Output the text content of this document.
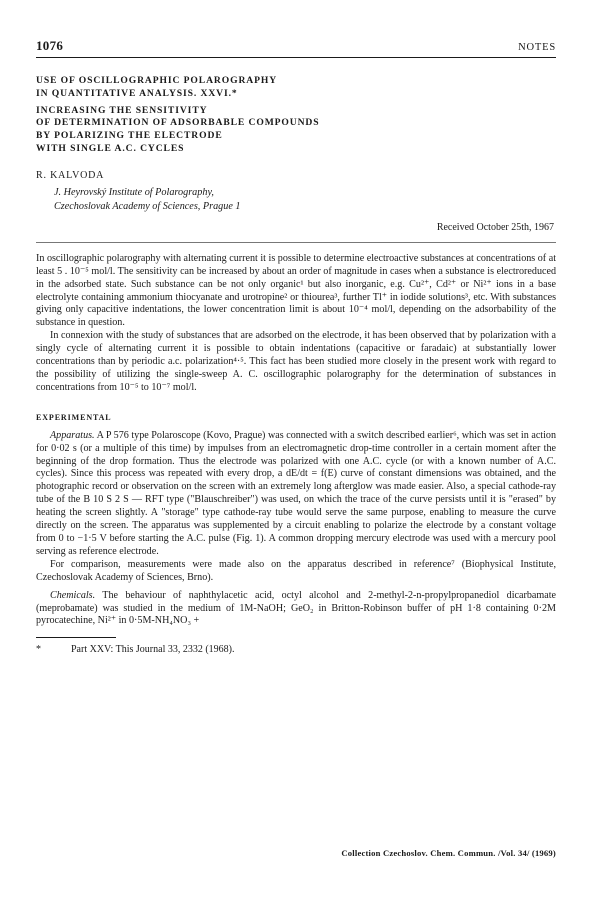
1076	NOTES
USE OF OSCILLOGRAPHIC POLAROGRAPHY
IN QUANTITATIVE ANALYSIS. XXVI.*
INCREASING THE SENSITIVITY
OF DETERMINATION OF ADSORBABLE COMPOUNDS
BY POLARIZING THE ELECTRODE
WITH SINGLE A.C. CYCLES
R. KALVODA
J. Heyrovský Institute of Polarography,
Czechoslovak Academy of Sciences, Prague 1
Received October 25th, 1967

In oscillographic polarography with alternating current it is possible to determine electroactive substances at concentrations of at least 5 . 10⁻⁵ mol/l. The sensitivity can be increased by about an order of magnitude in cases when a substance is electroreduced in the adsorbed state. Such substance can be not only organic¹ but also inorganic, e.g. Cu²⁺, Cd²⁺ or Ni²⁺ ions in a base electrolyte containing ammonium thiocyanate and urotropine² or thiourea³, further Tl⁺ in iodide solutions³, etc. With substances giving only capacitive indentations, the lower concentration limit is about 10⁻⁴ mol/l, depending on the adsorbability of the substance in question.

In connexion with the study of substances that are adsorbed on the electrode, it has been observed that by polarization with a singly cycle of alternating current it is possible to obtain indentations (capacitive or faradaic) at substantially lower concentrations than by periodic a.c. polarization⁴·⁵. This fact has been studied more closely in the present work with regard to the possibility of utilizing the single-sweep A. C. oscillographic polarography for the determination of substances in concentrations from 10⁻⁵ to 10⁻⁷ mol/l.

EXPERIMENTAL

Apparatus. A P 576 type Polaroscope (Kovo, Prague) was connected with a switch described earlier⁶, which was set in action for 0·02 s (or a multiple of this time) by impulses from an electromagnetic drop-time controller in a certain moment after the beginning of the drop formation. Thus the electrode was polarized with one A.C. cycle (or with a known number of A.C. cycles). Since this process was repeated with every drop, a dE/dt = f(E) curve of constant dimensions was obtained, and the photographic record or observation on the screen with an extremely long afterglow was made easier. Also, a special cathode-ray tube of the B 10 S 2 S — RFT type ("Blauschreiber") was used, on which the trace of the curve persists until it is "erased" by heating the screen slightly. A "storage" type cathode-ray tube would serve the same purpose, enabling to measure the curve directly on the screen. The apparatus was supplemented by a circuit enabling to polarize the electrode by a constant voltage from 0 to −1·5 V before starting the A.C. pulse (Fig. 1). A common dropping mercury electrode was used with a mercury pool serving as reference electrode.

For comparison, measurements were made also on the apparatus described in reference⁷ (Biophysical Institute, Czechoslovak Academy of Sciences, Brno).

Chemicals. The behaviour of naphthylacetic acid, octyl alcohol and 2-methyl-2-n-propylpropanediol dicarbamate (meprobamate) was studied in the medium of 1M-NaOH; GeO₂ in Britton-Robinson buffer of pH 1·8 containing 0·2M pyrocatechine, Ni²⁺ in 0·5M-NH₄NO₃ +

*	Part XXV: This Journal 33, 2332 (1968).
Collection Czechoslov. Chem. Commun. /Vol. 34/ (1969)
